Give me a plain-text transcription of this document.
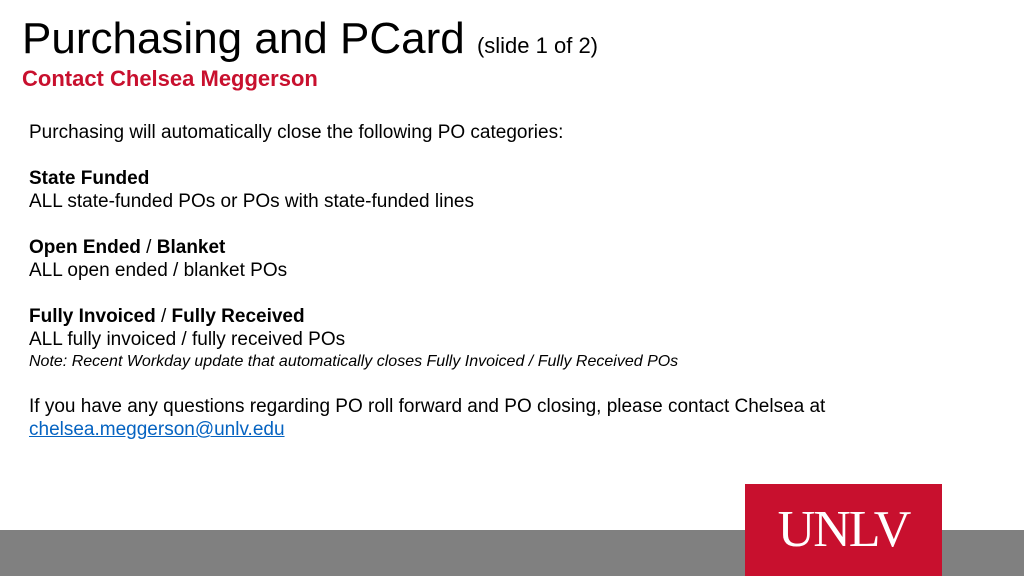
Purchasing and PCard (slide 1 of 2)
Contact Chelsea Meggerson

Purchasing will automatically close the following PO categories:

State Funded

ALL state-funded POs or POs with state-funded lines

Open Ended / Blanket

ALL open ended / blanket POs

Fully Invoiced / Fully Received

ALL fully invoiced / fully received POs

Note: Recent Workday update that automatically closes Fully Invoiced / Fully Received POs

If you have any questions regarding PO roll forward and PO closing, please contact Chelsea at

chelsea.meggerson@unlv.edu

UNLV
